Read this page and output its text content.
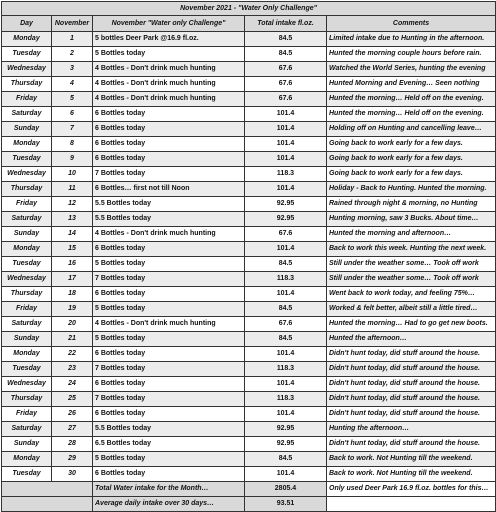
November 2021 - "Water Only Challenge"				
Day	November	November "Water only Challenge"	Total intake fl.oz.	Comments
Monday	1	5 bottles Deer Park @16.9 fl.oz.	84.5	Limited intake due to Hunting in the afternoon.
Tuesday	2	5 Bottles today	84.5	Hunted the morning couple hours before rain.
Wednesday	3	4 Bottles - Don't drink much hunting	67.6	Watched the World Series, hunting the evening
Thursday	4	4 Bottles - Don't drink much hunting	67.6	Hunted Morning and Evening… Seen nothing
Friday	5	4 Bottles - Don't drink much hunting	67.6	Hunted the morning… Held off on the evening.
Saturday	6	6 Bottles today	101.4	Hunted the morning… Held off on the evening.
Sunday	7	6 Bottles today	101.4	Holding off on Hunting and cancelling leave…
Monday	8	6 Bottles today	101.4	Going back to work early for a few days.
Tuesday	9	6 Bottles today	101.4	Going back to work early for a few days.
Wednesday	10	7 Bottles today	118.3	Going back to work early for a few days.
Thursday	11	6 Bottles… first not till Noon	101.4	Holiday - Back to Hunting. Hunted the morning.
Friday	12	5.5 Bottles today	92.95	Rained through night & morning, no Hunting
Saturday	13	5.5 Bottles today	92.95	Hunting morning, saw 3 Bucks. About time…
Sunday	14	4 Bottles - Don't drink much hunting	67.6	Hunted the morning and afternoon…
Monday	15	6 Bottles today	101.4	Back to work this week. Hunting the next week.
Tuesday	16	5 Bottles today	84.5	Still under the weather some… Took off work
Wednesday	17	7 Bottles today	118.3	Still under the weather some… Took off work
Thursday	18	6 Bottles today	101.4	Went back to work today, and feeling 75%…
Friday	19	5 Bottles today	84.5	Worked & felt better, albeit still a little tired…
Saturday	20	4 Bottles - Don't drink much hunting	67.6	Hunted the morning… Had to go get new boots.
Sunday	21	5 Bottles today	84.5	Hunted the afternoon…
Monday	22	6 Bottles today	101.4	Didn't hunt today, did stuff around the house.
Tuesday	23	7 Bottles today	118.3	Didn't hunt today, did stuff around the house.
Wednesday	24	6 Bottles today	101.4	Didn't hunt today, did stuff around the house.
Thursday	25	7 Bottles today	118.3	Didn't hunt today, did stuff around the house.
Friday	26	6 Bottles today	101.4	Didn't hunt today, did stuff around the house.
Saturday	27	5.5 Bottles today	92.95	Hunting the afternoon…
Sunday	28	6.5 Bottles today	92.95	Didn't hunt today, did stuff around the house.
Monday	29	5 Bottles today	84.5	Back to work. Not Hunting till the weekend.
Tuesday	30	6 Bottles today	101.4	Back to work. Not Hunting till the weekend.
		Total Water intake for the Month…	2805.4	Only used Deer Park 16.9 fl.oz. bottles for this…
		Average daily intake over 30 days…	93.51	
